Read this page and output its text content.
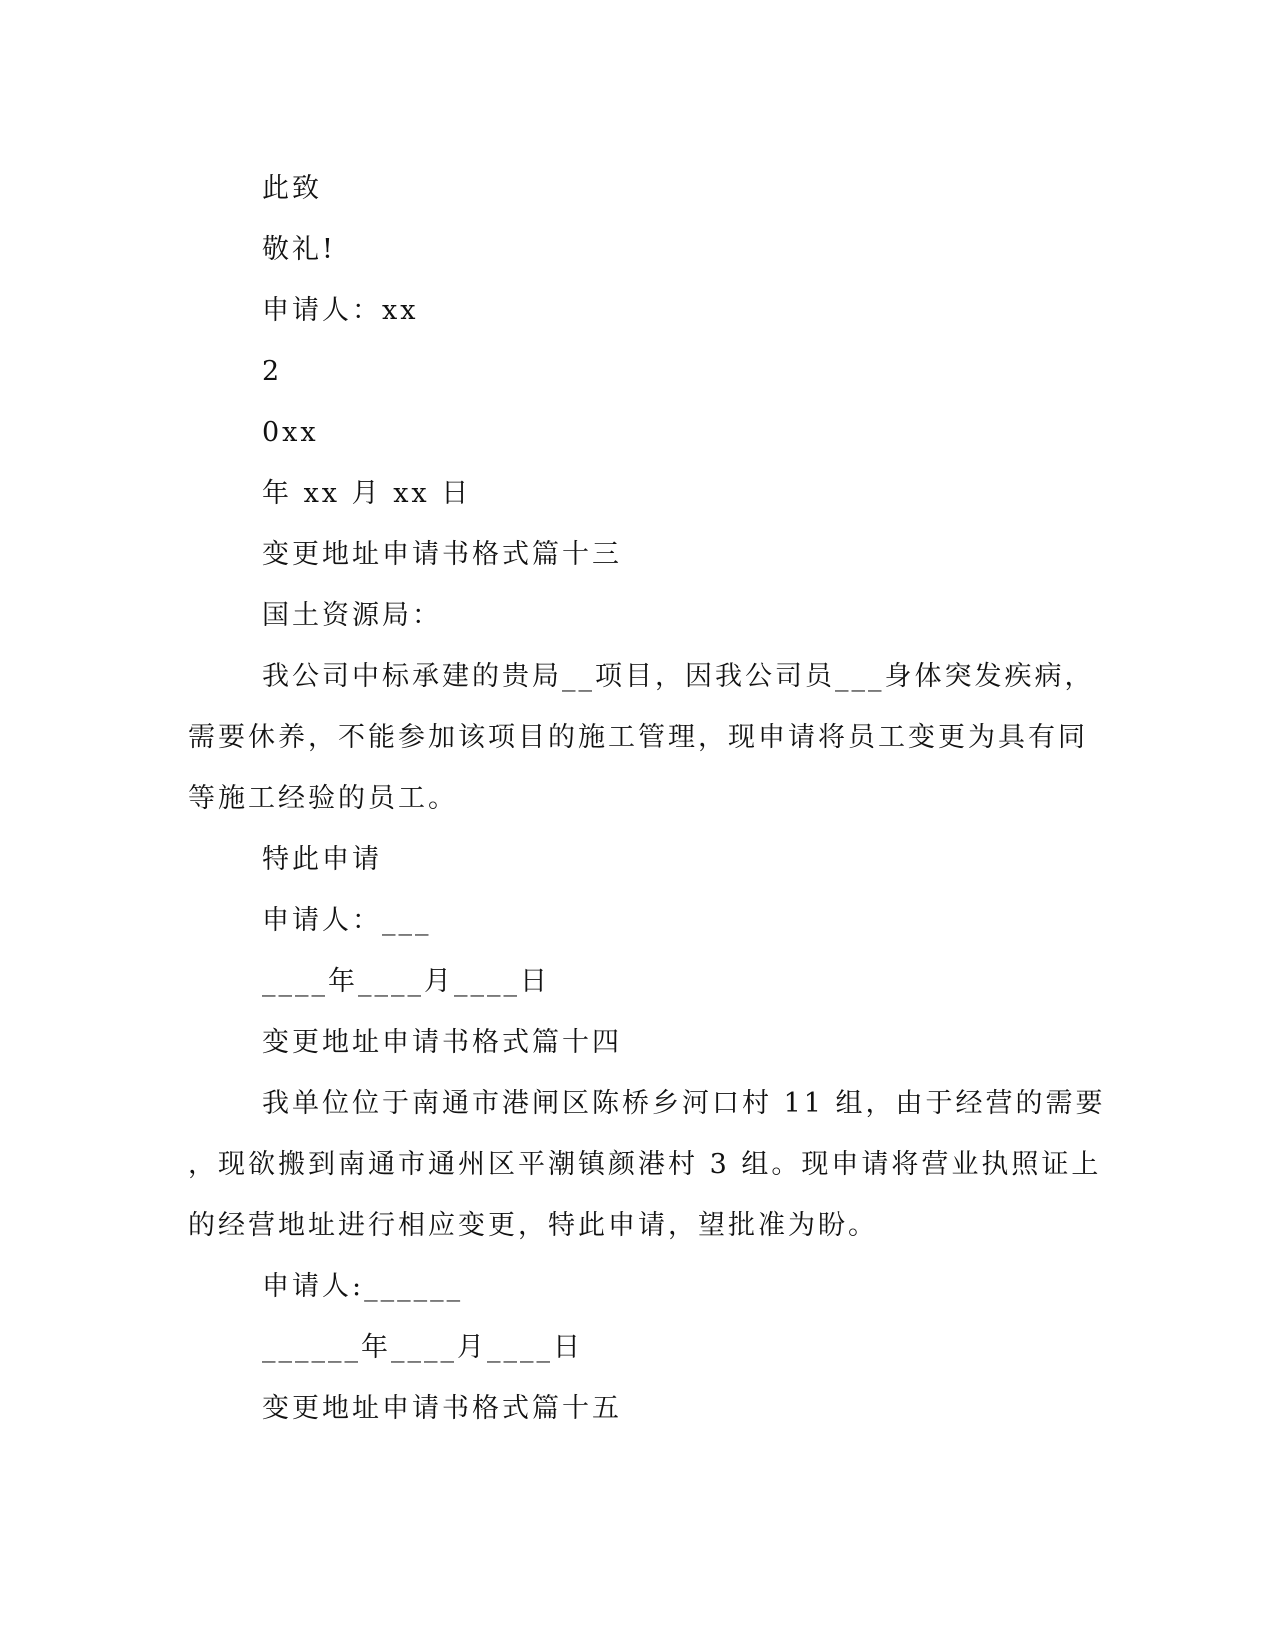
此致
敬礼!
申请人：xx
2
0xx
年 xx 月 xx 日
变更地址申请书格式篇十三
国土资源局：
我公司中标承建的贵局__项目，因我公司员___身体突发疾病，
需要休养，不能参加该项目的施工管理，现申请将员工变更为具有同
等施工经验的员工。
特此申请
申请人：___
____年____月____日
变更地址申请书格式篇十四
我单位位于南通市港闸区陈桥乡河口村 11 组，由于经营的需要
，现欲搬到南通市通州区平潮镇颜港村 3 组。现申请将营业执照证上
的经营地址进行相应变更，特此申请，望批准为盼。
申请人:______
______年____月____日
变更地址申请书格式篇十五
